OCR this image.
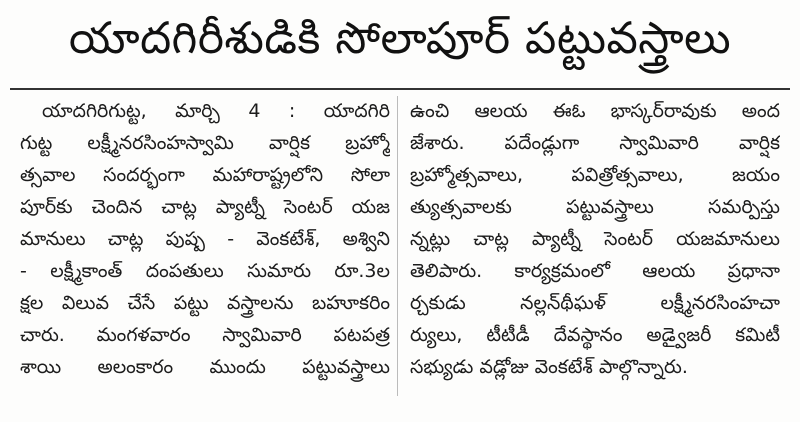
యాదగిరీశుడికి సోలాపూర్ పట్టువస్త్రాలు
యాదగిరిగుట్ట, మార్చి 4 : యాదగిరి
గుట్ట లక్ష్మీనరసింహస్వామి వార్షిక బ్రహ్మో
త్సవాల సందర్భంగా మహారాష్ట్రలోని సోలా
పూర్‌కు చెందిన చాట్ల ప్యాట్నీ సెంటర్ యజ
మానులు చాట్ల పుష్ప - వెంకటేశ్, అశ్విని
- లక్ష్మీకాంత్ దంపతులు సుమారు రూ.3ల
క్షల విలువ చేసే పట్టు వస్త్రాలను బహూకరిం
చారు. మంగళవారం స్వామివారి పటపత్ర
శాయి అలంకారం ముందు పట్టువస్త్రాలు
ఉంచి ఆలయ ఈఓ భాస్కర్‌రావుకు అంద
జేశారు. పదేండ్లుగా స్వామివారి వార్షిక
బ్రహ్మోత్సవాలు, పవిత్రోత్సవాలు, జయం
త్యుత్సవాలకు పట్టువస్త్రాలు సమర్పిస్తు
న్నట్లు చాట్ల ప్యాట్నీ సెంటర్ యజమానులు
తెలిపారు. కార్యక్రమంలో ఆలయ ప్రధానా
ర్చకుడు నల్లన్‌థీఘళ్ లక్ష్మీనరసింహచా
ర్యులు, టీటీడీ దేవస్థానం అడ్వైజరీ కమిటీ
సభ్యుడు వడ్లోజు వెంకటేశ్ పాల్గొన్నారు.
